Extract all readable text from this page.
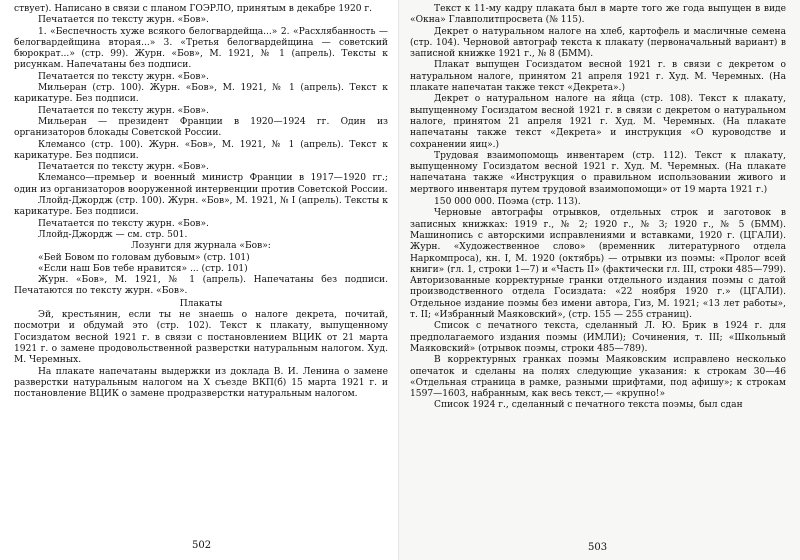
ствует). Написано в связи с планом ГОЭРЛО, принятым в декабре 1920 г.

Печатается по тексту журн. «Бов».

1. «Беспечность хуже всякого белогвардейща...» 2. «Расхлябанность — белогвардейщина вторая...» 3. «Третья белогвардейщина — советский бюрократ...» (стр. 99). Журн. «Бов», М. 1921, № 1 (апрель). Тексты к рисункам. Напечатаны без подписи.

Печатается по тексту журн. «Бов».

Мильеран (стр. 100). Журн. «Бов», М. 1921, № 1 (апрель). Текст к карикатуре. Без подписи.

Печатается по тексту журн. «Бов».

Мильеран — президент Франции в 1920—1924 гг. Один из организаторов блокады Советской России.

Клемансо (стр. 100). Журн. «Бов», М. 1921, № 1 (апрель). Текст к карикатуре. Без подписи.

Печатается по тексту журн. «Бов».

Клемансо—премьер и военный министр Франции в 1917—1920 гг.; один из организаторов вооруженной интервенции против Советской России.

Ллойд-Джордж (стр. 100). Журн. «Бов», М. 1921, № I (апрель). Тексты к карикатуре. Без подписи.

Печатается по тексту журн. «Бов».

Ллойд-Джордж — см. стр. 501.

Лозунги для журнала «Бов»:

«Бей Бовом по головам дубовым» (стр. 101)

«Если наш Бов тебе нравится» ... (стр. 101)

Журн. «Бов», М. 1921, № 1 (апрель). Напечатаны без подписи. Печатаются по тексту журн. «Бов».

Плакаты

Эй, крестьянин, если ты не знаешь о налоге декрета, почитай, посмотри и обдумай это (стр. 102). Текст к плакату, выпущенному Госиздатом весной 1921 г. в связи с постановлением ВЦИК от 21 марта 1921 г. о замене продовольственной разверстки натуральным налогом. Худ. М. Черемных.

На плакате напечатаны выдержки из доклада В. И. Ленина о замене разверстки натуральным налогом на X съезде ВКП(б) 15 марта 1921 г. и постановление ВЦИК о замене продразверстки натуральным налогом.

502

Текст к 11-му кадру плаката был в марте того же года выпущен в виде «Окна» Главполитпросвета (№ 115).

Декрет о натуральном налоге на хлеб, картофель и масличные семена (стр. 104). Черновой автограф текста к плакату (первоначальный вариант) в записной книжке 1921 г., № 8 (БММ).

Плакат выпущен Госиздатом весной 1921 г. в связи с декретом о натуральном налоге, принятом 21 апреля 1921 г. Худ. М. Черемных. (На плакате напечатан также текст «Декрета».)

Декрет о натуральном налоге на яйца (стр. 108). Текст к плакату, выпущенному Госиздатом весной 1921 г. в связи с декретом о натуральном налоге, принятом 21 апреля 1921 г. Худ. М. Черемных. (На плакате напечатаны также текст «Декрета» и инструкция «О куроводстве и сохранении яиц».)

Трудовая взаимопомощь инвентарем (стр. 112). Текст к плакату, выпущенному Госиздатом весной 1921 г. Худ. М. Черемных. (На плакате напечатана также «Инструкция о правильном использовании живого и мертвого инвентаря путем трудовой взаимопомощи» от 19 марта 1921 г.)

150 000 000. Поэма (стр. 113).

Черновые автографы отрывков, отдельных строк и заготовок в записных книжках: 1919 г., № 2; 1920 г., № 3; 1920 г., № 5 (БММ). Машинопись с авторскими исправлениями и вставками, 1920 г. (ЦГАЛИ). Журн. «Художественное слово» (временник литературного отдела Наркомпроса), кн. I, М. 1920 (октябрь) — отрывки из поэмы: «Пролог всей книги» (гл. 1, строки 1—7) и «Часть II» (фактически гл. III, строки 485—799). Авторизованные корректурные гранки отдельного издания поэмы с датой производственного отдела Госиздата: «22 ноября 1920 г.» (ЦГАЛИ). Отдельное издание поэмы без имени автора, Гиз, М. 1921; «13 лет работы», т. II; «Избранный Маяковский», (стр. 155 — 255 страниц).

Список с печатного текста, сделанный Л. Ю. Брик в 1924 г. для предполагаемого издания поэмы (ИМЛИ); Сочинения, т. III; «Школьный Маяковский» (отрывок поэмы, строки 485—789).

В корректурных гранках поэмы Маяковским исправлено несколько опечаток и сделаны на полях следующие указания: к строкам 30—46 «Отдельная страница в рамке, разными шрифтами, под афишу»; к строкам 1597—1603, набранным, как весь текст,— «крупно!»

Список 1924 г., сделанный с печатного текста поэмы, был сдан

503
